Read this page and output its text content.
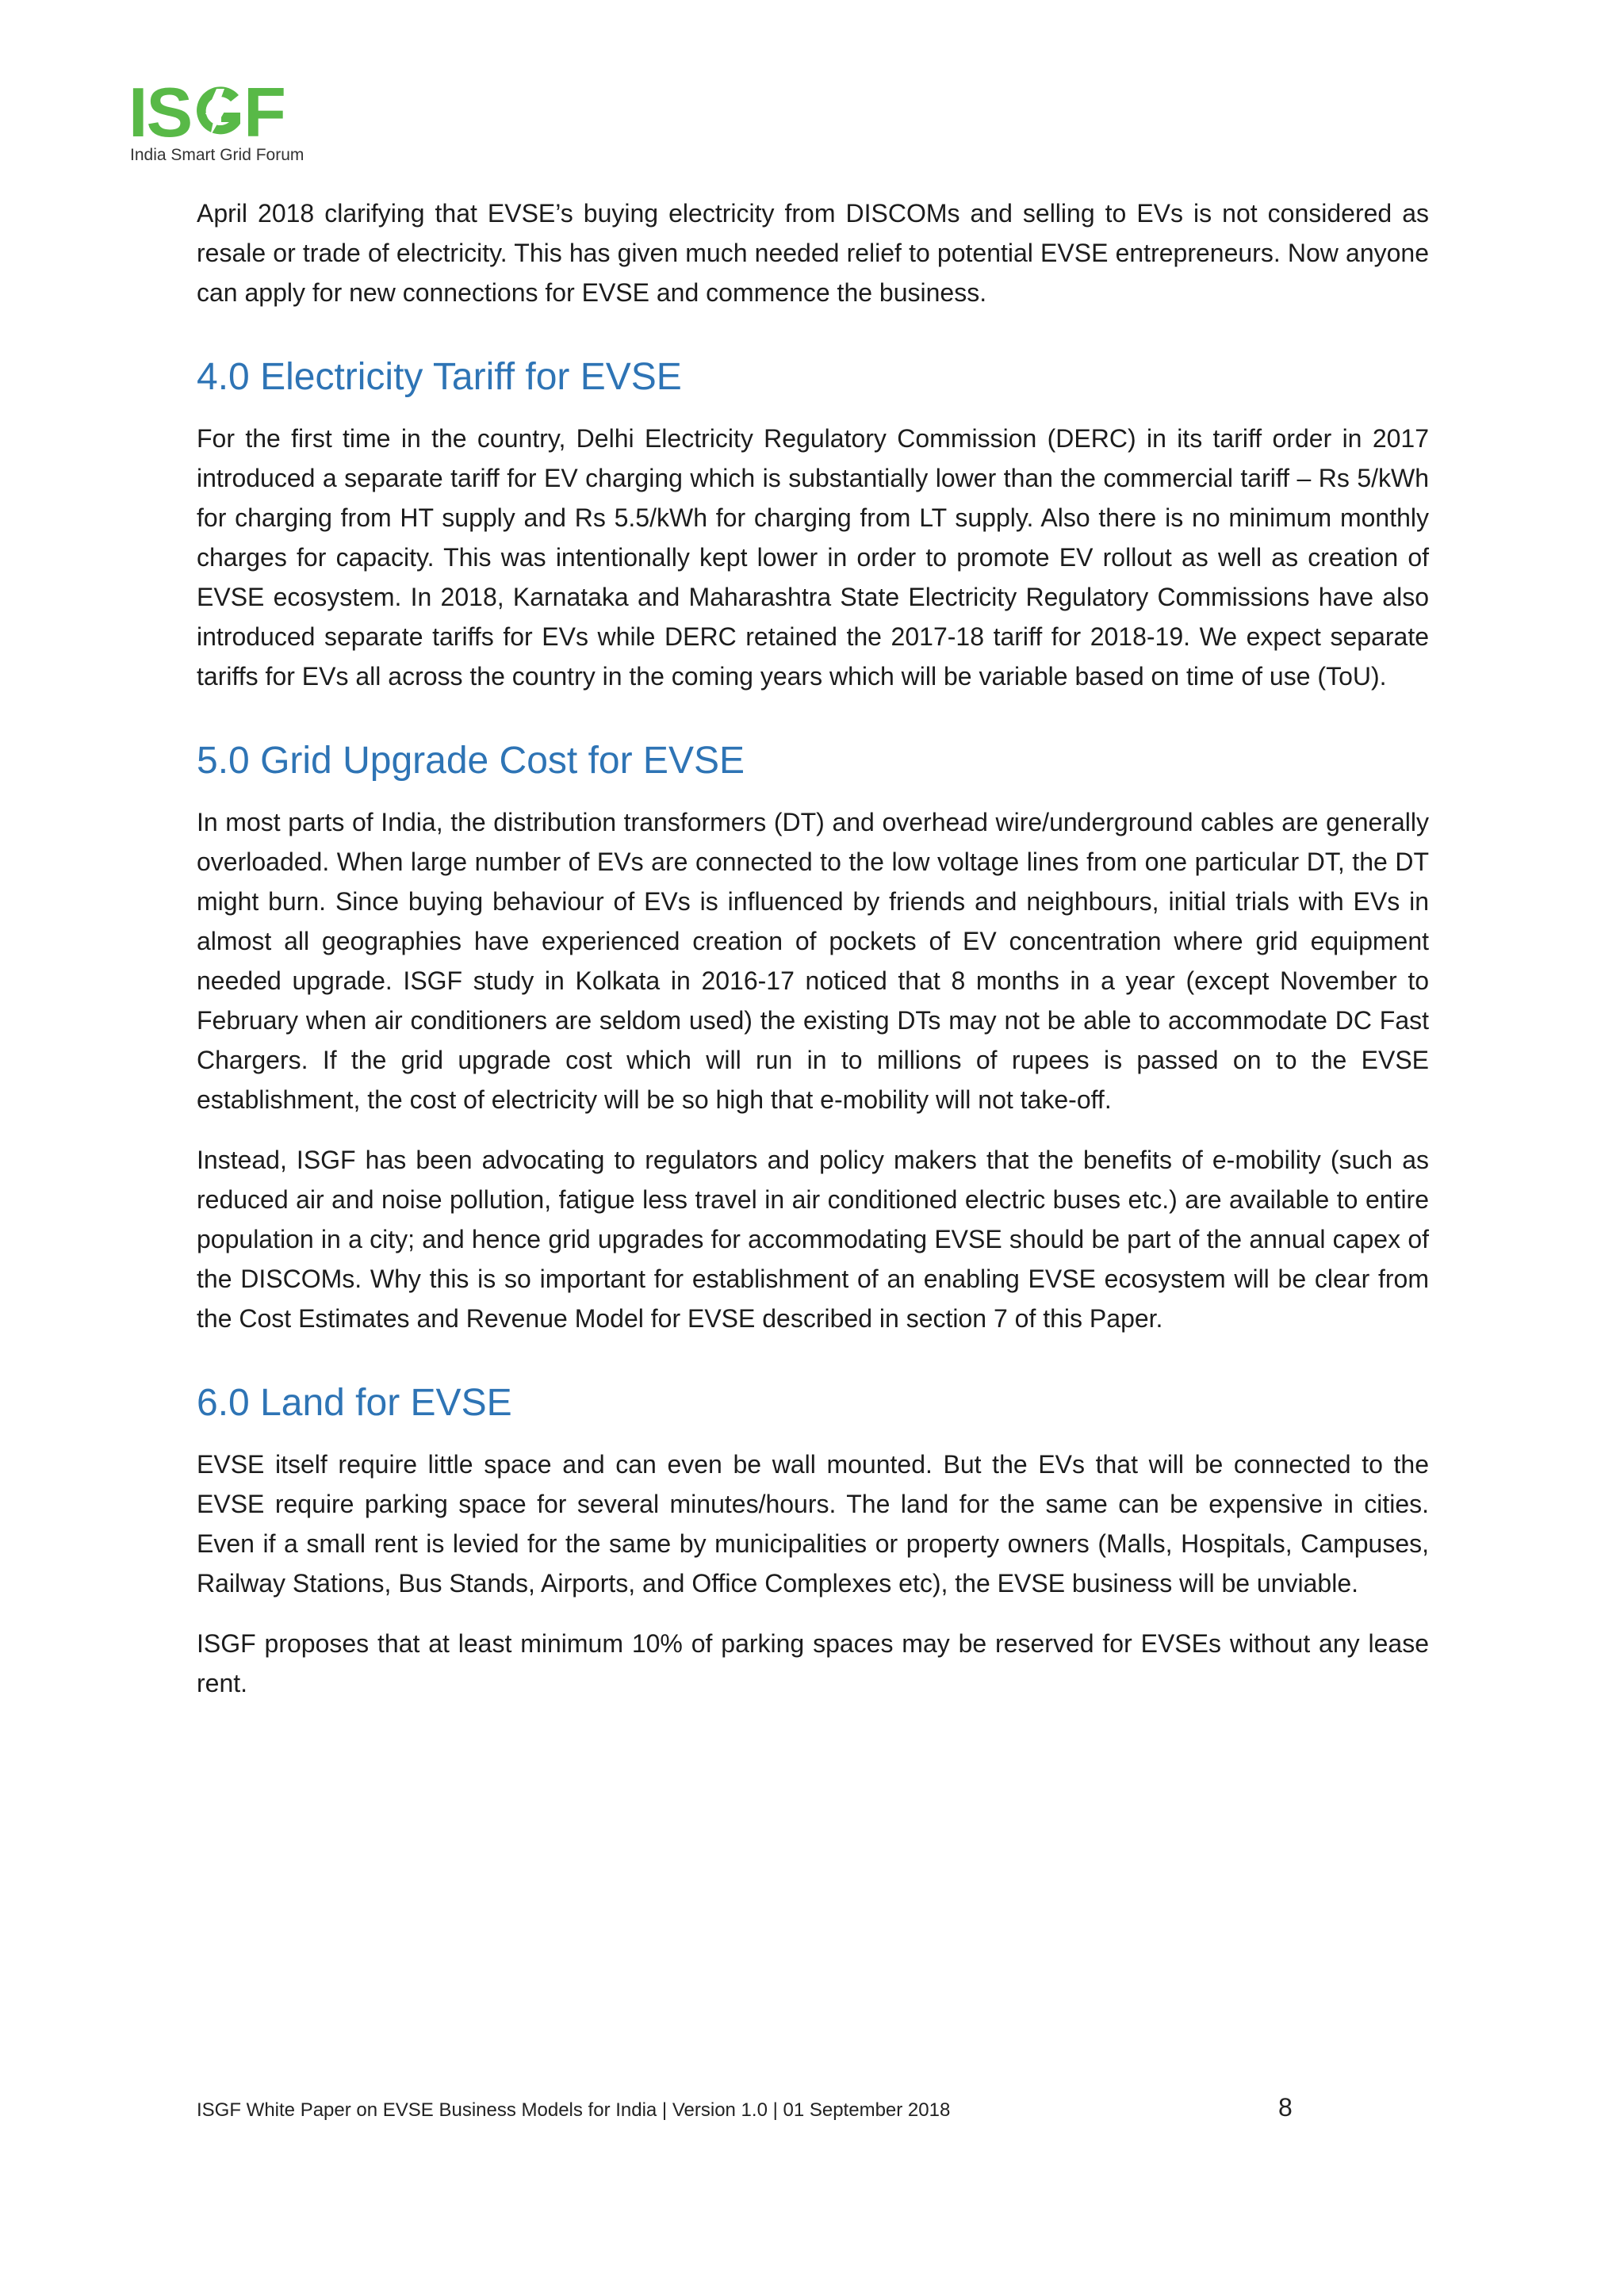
IS F
India Smart Grid Forum

April 2018 clarifying that EVSE’s buying electricity from DISCOMs and selling to EVs is not considered as resale or trade of electricity. This has given much needed relief to potential EVSE entrepreneurs. Now anyone can apply for new connections for EVSE and commence the business.

4.0 Electricity Tariff for EVSE

For the first time in the country, Delhi Electricity Regulatory Commission (DERC) in its tariff order in 2017 introduced a separate tariff for EV charging which is substantially lower than the commercial tariff – Rs 5/kWh for charging from HT supply and Rs 5.5/kWh for charging from LT supply. Also there is no minimum monthly charges for capacity. This was intentionally kept lower in order to promote EV rollout as well as creation of EVSE ecosystem. In 2018, Karnataka and Maharashtra State Electricity Regulatory Commissions have also introduced separate tariffs for EVs while DERC retained the 2017-18 tariff for 2018-19. We expect separate tariffs for EVs all across the country in the coming years which will be variable based on time of use (ToU).

5.0 Grid Upgrade Cost for EVSE

In most parts of India, the distribution transformers (DT) and overhead wire/underground cables are generally overloaded. When large number of EVs are connected to the low voltage lines from one particular DT, the DT might burn. Since buying behaviour of EVs is influenced by friends and neighbours, initial trials with EVs in almost all geographies have experienced creation of pockets of EV concentration where grid equipment needed upgrade. ISGF study in Kolkata in 2016-17 noticed that 8 months in a year (except November to February when air conditioners are seldom used) the existing DTs may not be able to accommodate DC Fast Chargers. If the grid upgrade cost which will run in to millions of rupees is passed on to the EVSE establishment, the cost of electricity will be so high that e-mobility will not take-off.

Instead, ISGF has been advocating to regulators and policy makers that the benefits of e-mobility (such as reduced air and noise pollution, fatigue less travel in air conditioned electric buses etc.) are available to entire population in a city; and hence grid upgrades for accommodating EVSE should be part of the annual capex of the DISCOMs. Why this is so important for establishment of an enabling EVSE ecosystem will be clear from the Cost Estimates and Revenue Model for EVSE described in section 7 of this Paper.

6.0 Land for EVSE

EVSE itself require little space and can even be wall mounted. But the EVs that will be connected to the EVSE require parking space for several minutes/hours. The land for the same can be expensive in cities. Even if a small rent is levied for the same by municipalities or property owners (Malls, Hospitals, Campuses, Railway Stations, Bus Stands, Airports, and Office Complexes etc), the EVSE business will be unviable.

ISGF proposes that at least minimum 10% of parking spaces may be reserved for EVSEs without any lease rent.

ISGF White Paper on EVSE Business Models for India | Version 1.0 | 01 September 2018	8
